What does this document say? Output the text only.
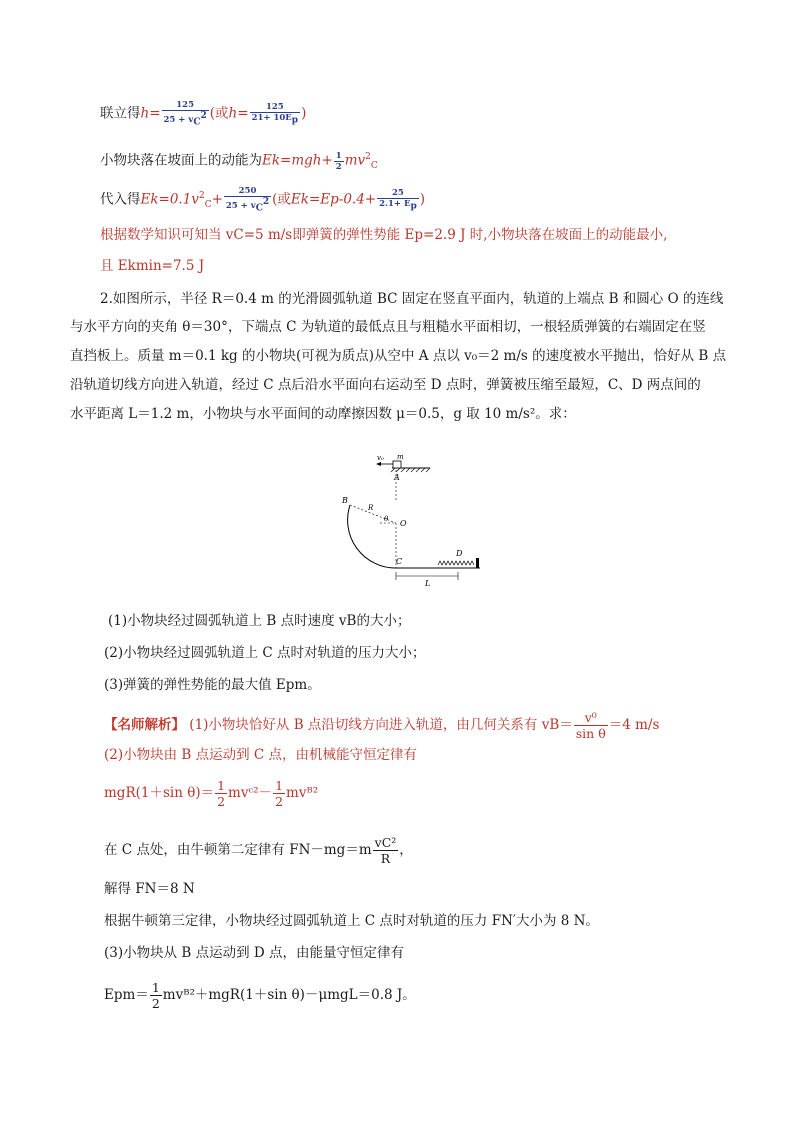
联立得$h= \frac{125}{25 + v_C^2}$ (或$h= \frac{125}{21+ 10E_p}$ )
小物块落在坡面上的动能为$Ek=mgh+ \frac{1}{2} mv^2_C$
代入得$Ek=0.1v^2_C+ \frac{250}{25 + v_C^2}$ (或$Ek=Ep-0.4+ \frac{25}{2.1+ E_p}$ )
根据数学知识可知当 vC=5 m/s即弹簧的弹性势能 Ep=2.9 J 时,小物块落在坡面上的动能最小,
且 Ekmin=7.5 J
2.如图所示，半径 R＝0.4 m 的光滑圆弧轨道 BC 固定在竖直平面内，轨道的上端点 B 和圆心 O 的连线
与水平方向的夹角 θ＝30°，下端点 C 为轨道的最低点且与粗糙水平面相切，一根轻质弹簧的右端固定在竖
直挡板上。质量 m＝0.1 kg 的小物块(可视为质点)从空中 A 点以 v₀＝2 m/s 的速度被水平抛出，恰好从 B 点
沿轨道切线方向进入轨道，经过 C 点后沿水平面向右运动至 D 点时，弹簧被压缩至最短，C、D 两点间的
水平距离 L＝1.2 m，小物块与水平面间的动摩擦因数 μ＝0.5，g 取 10 m/s²。求：
v₀ m
A
B
R
θ O
C
D
L
(1)小物块经过圆弧轨道上 B 点时速度 vB的大小；
(2)小物块经过圆弧轨道上 C 点时对轨道的压力大小；
(3)弹簧的弹性势能的最大值 Epm。
【名师解析】 (1)小物块恰好从 B 点沿切线方向进入轨道，由几何关系有 $vB= \frac{\text{v⁰}}{\text{sin θ}} =4$ m/s
(2)小物块由 B 点运动到 C 点，由机械能守恒定律有
mgR(1＋sin $\theta)= \frac{1}{2}$ mvᶜ²－ $\frac{1}{2}$ mvᴮ²
在 C 点处，由牛顿第二定律有 $FN-mg=m \frac{\text{vC²}}{R}$ ，
解得 FN＝8 N
根据牛顿第三定律，小物块经过圆弧轨道上 C 点时对轨道的压力 FN′大小为 8 N。
(3)小物块从 B 点运动到 D 点，由能量守恒定律有
$Epm= \frac{1}{2}$ mvᴮ²＋mgR(1＋sin θ)－μmgL＝0.8 J。
